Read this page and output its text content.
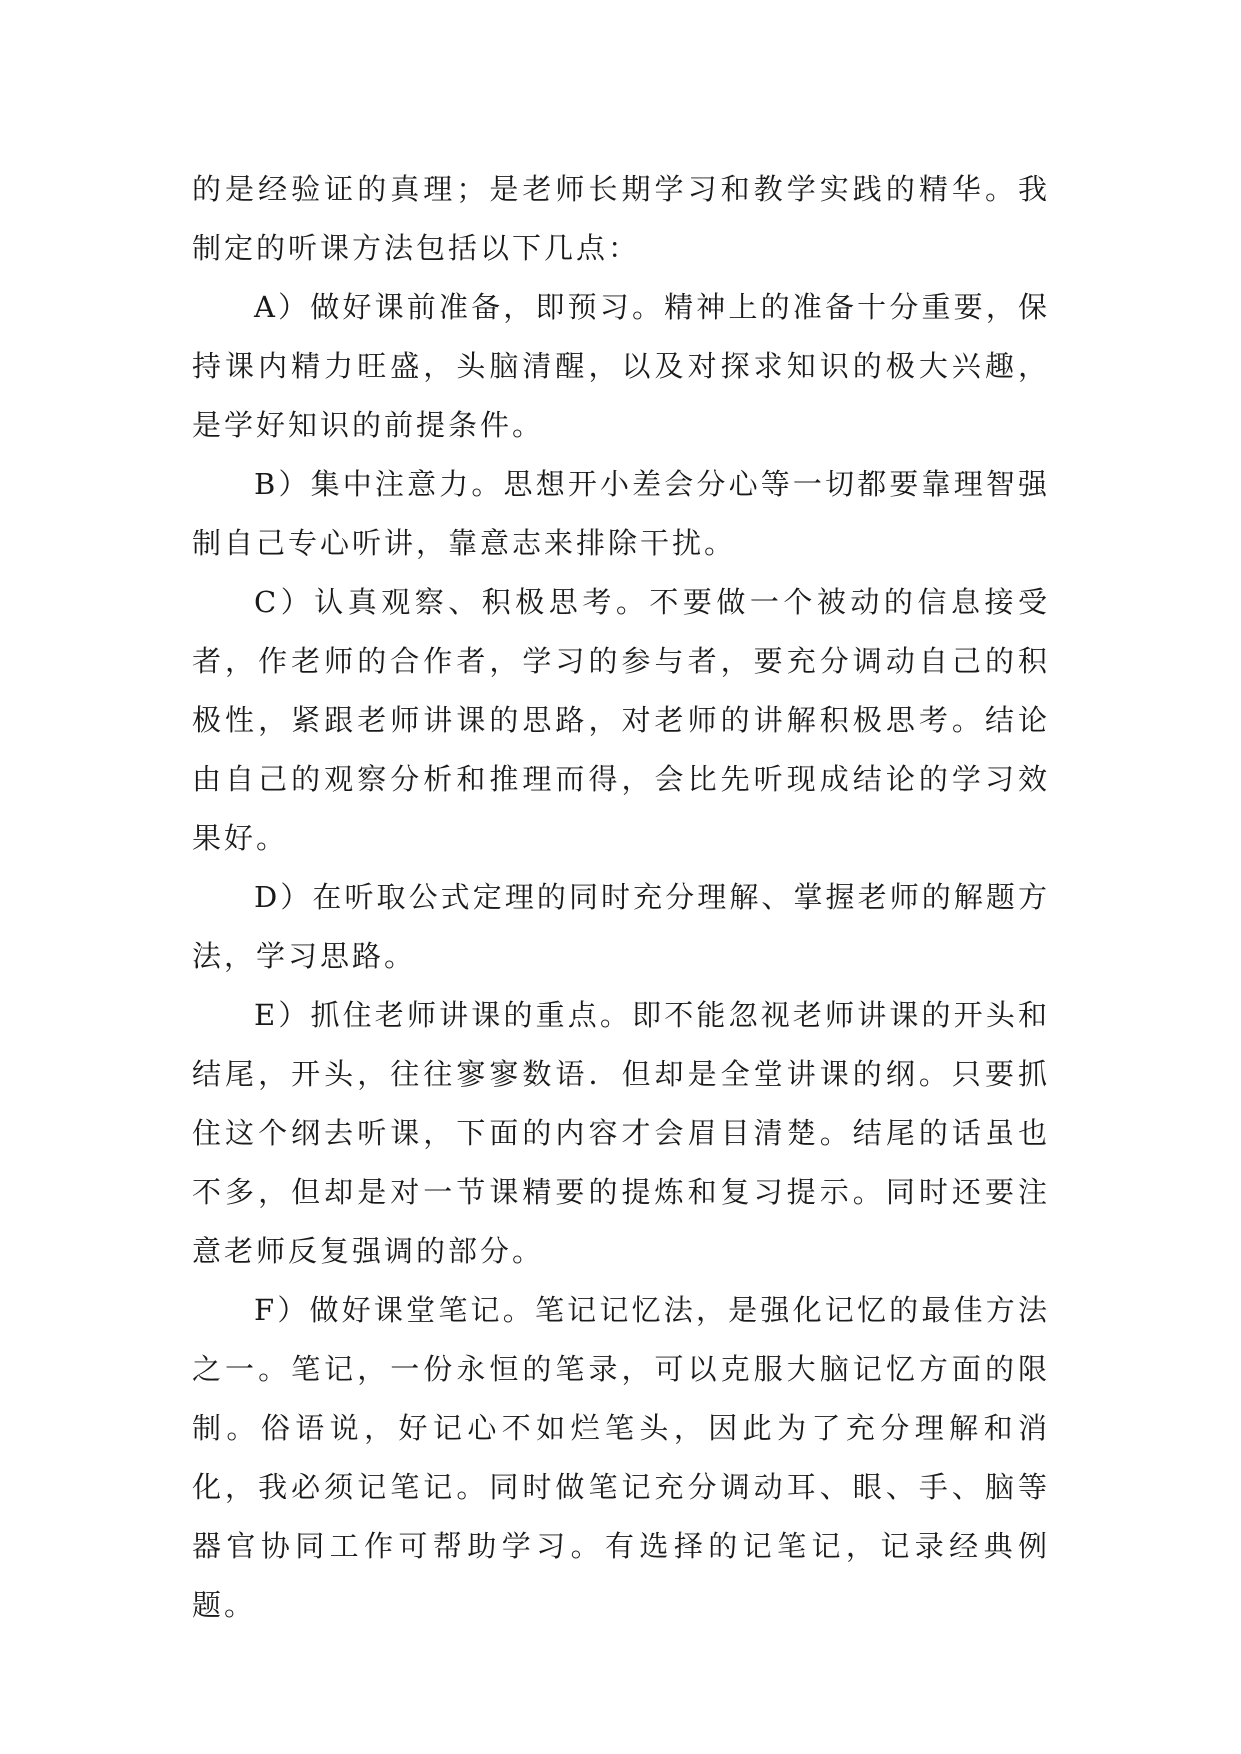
的是经验证的真理；是老师长期学习和教学实践的精华。我制定的听课方法包括以下几点：

A）做好课前准备，即预习。精神上的准备十分重要，保持课内精力旺盛，头脑清醒，以及对探求知识的极大兴趣，是学好知识的前提条件。

B）集中注意力。思想开小差会分心等一切都要靠理智强制自己专心听讲，靠意志来排除干扰。

C）认真观察、积极思考。不要做一个被动的信息接受者，作老师的合作者，学习的参与者，要充分调动自己的积极性，紧跟老师讲课的思路，对老师的讲解积极思考。结论由自己的观察分析和推理而得，会比先听现成结论的学习效果好。

D）在听取公式定理的同时充分理解、掌握老师的解题方法，学习思路。

E）抓住老师讲课的重点。即不能忽视老师讲课的开头和结尾，开头，往往寥寥数语．但却是全堂讲课的纲。只要抓住这个纲去听课，下面的内容才会眉目清楚。结尾的话虽也不多，但却是对一节课精要的提炼和复习提示。同时还要注意老师反复强调的部分。

F）做好课堂笔记。笔记记忆法，是强化记忆的最佳方法之一。笔记，一份永恒的笔录，可以克服大脑记忆方面的限制。俗语说，好记心不如烂笔头，因此为了充分理解和消化，我必须记笔记。同时做笔记充分调动耳、眼、手、脑等器官协同工作可帮助学习。有选择的记笔记，记录经典例题。
